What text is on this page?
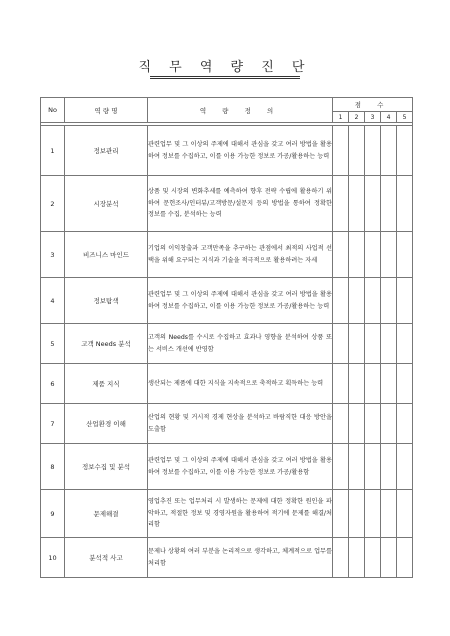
직 무 역 량 진 단
No	역 량 명	역 량 정 의	점 수				
			1	2	3	4	5

1	정보관리	관련업무 및 그 이상의 주제에 대해서 관심을 갖고 여러 방법을 활용하여 정보를 수집하고, 이를 이용 가능한 정보로 가공/활용하는 능력					
2	시장분석	상품 및 시장의 변화추세를 예측하여 향후 전략 수립에 활용하기 위하여 문헌조사/인터뷰/고객방문/설문지 등의 방법을 통하여 정확한 정보를 수집, 분석하는 능력					
3	비즈니스 마인드	기업의 이익창출과 고객만족을 추구하는 관점에서 최적의 사업적 선택을 위해 요구되는 지식과 기술을 적극적으로 활용하려는 자세					
4	정보탐색	관련업무 및 그 이상의 주제에 대해서 관심을 갖고 여러 방법을 활용하여 정보를 수집하고, 이를 이용 가능한 정보로 가공/활용하는 능력					
5	고객 Needs 분석	고객의 Needs를 수시로 수집하고 효과나 영향을 분석하여 상품 또는 서비스 개선에 반영함					
6	제품 지식	생산되는 제품에 대한 지식을 지속적으로 축적하고 획득하는 능력					
7	산업환경 이해	산업의 현황 및 거시적 경제 현상을 분석하고 바람직한 대응 방안을 도출함					
8	정보수집 및 분석	관련업무 및 그 이상의 주제에 대해서 관심을 갖고 여러 방법을 활용하여 정보를 수집하고, 이를 이용 가능한 정보로 가공/활용함					
9	문제해결	영업추진 또는 업무처리 시 발생하는 문제에 대한 정확한 원인을 파악하고, 적절한 정보 및 경영자원을 활용하여 적기에 문제를 해결/처리함					
10	분석적 사고	문제나 상황의 여러 부분을 논리적으로 생각하고, 체계적으로 업무를 처리함					
